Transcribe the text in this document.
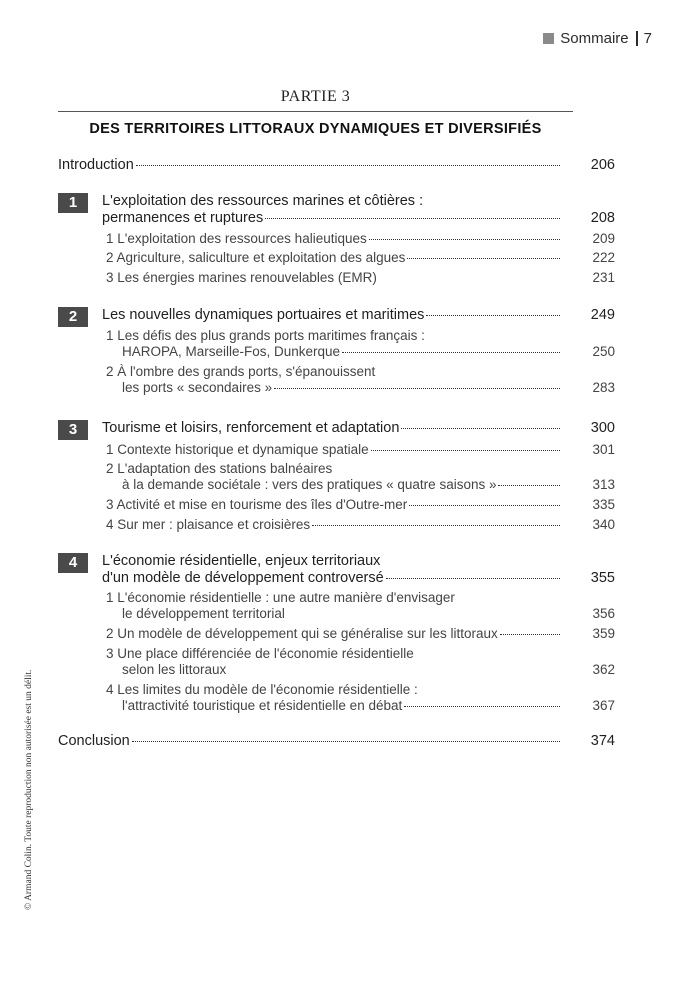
Sommaire 7
PARTIE 3
DES TERRITOIRES LITTORAUX DYNAMIQUES ET DIVERSIFIÉS
Introduction	206
1	L'exploitation des ressources marines et côtières :
permanences et ruptures	208
1 L'exploitation des ressources halieutiques	209
2 Agriculture, saliculture et exploitation des algues	222
3 Les énergies marines renouvelables (EMR)	231
2	Les nouvelles dynamiques portuaires et maritimes	249
1 Les défis des plus grands ports maritimes français :
HAROPA, Marseille-Fos, Dunkerque	250
2 À l'ombre des grands ports, s'épanouissent
les ports « secondaires »	283
3	Tourisme et loisirs, renforcement et adaptation	300
1 Contexte historique et dynamique spatiale	301
2 L'adaptation des stations balnéaires
à la demande sociétale : vers des pratiques « quatre saisons »	313
3 Activité et mise en tourisme des îles d'Outre-mer	335
4 Sur mer : plaisance et croisières	340
4	L'économie résidentielle, enjeux territoriaux
d'un modèle de développement controversé	355
1 L'économie résidentielle : une autre manière d'envisager
le développement territorial	356
2 Un modèle de développement qui se généralise sur les littoraux	359
3 Une place différenciée de l'économie résidentielle
selon les littoraux	362
4 Les limites du modèle de l'économie résidentielle :
l'attractivité touristique et résidentielle en débat	367
Conclusion	374
© Armand Colin. Toute reproduction non autorisée est un délit.
